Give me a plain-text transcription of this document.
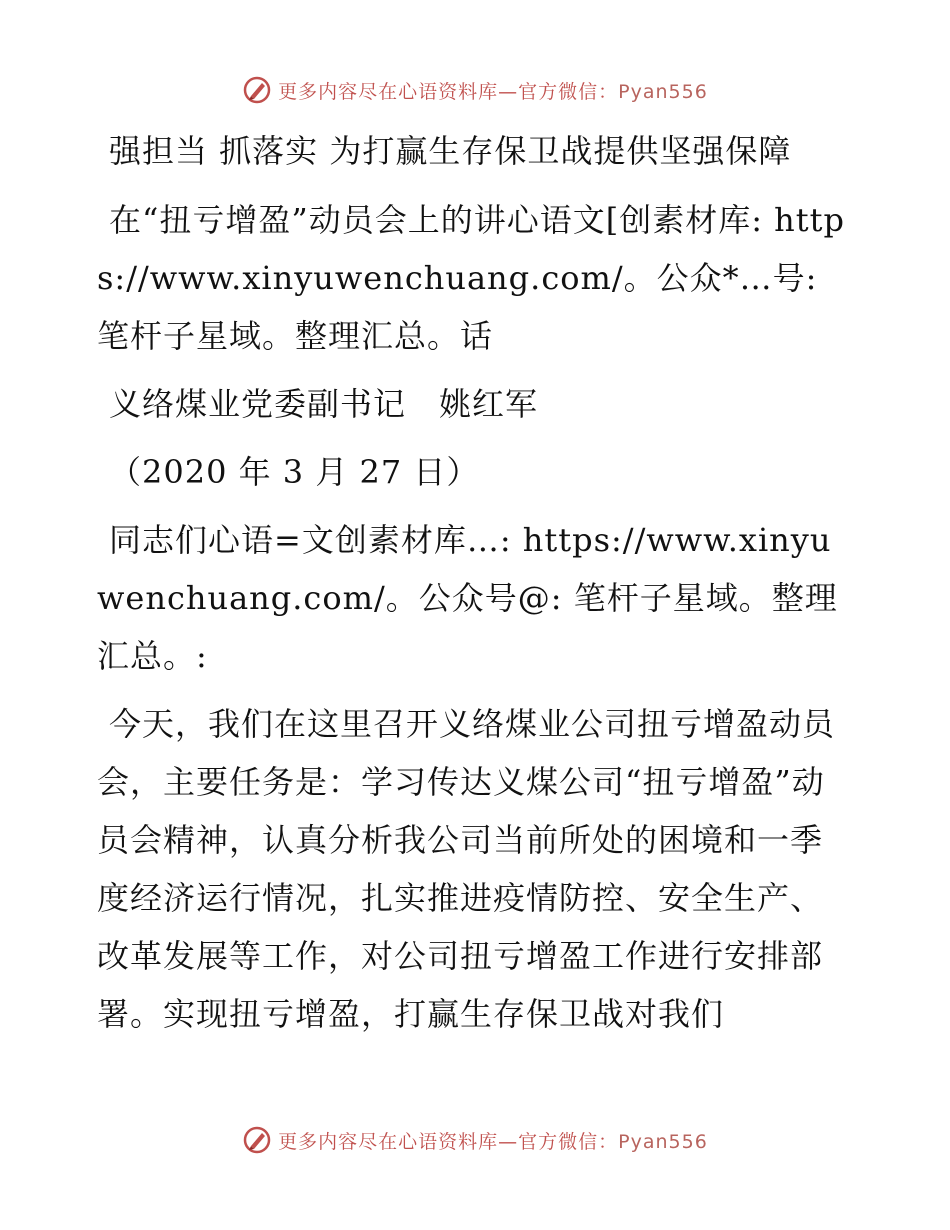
更多内容尽在心语资料库—官方微信：Pyan556

强担当 抓落实 为打赢生存保卫战提供坚强保障

在“扭亏增盈”动员会上的讲心语文[创素材库: https://www.xinyuwenchuang.com/。公众*…号: 笔杆子星域。整理汇总。话

义络煤业党委副书记　姚红军

（2020 年 3 月 27 日）

同志们心语=文创素材库…: https://www.xinyuwenchuang.com/。公众号@: 笔杆子星域。整理汇总。:

今天，我们在这里召开义络煤业公司扭亏增盈动员会，主要任务是：学习传达义煤公司“扭亏增盈”动员会精神，认真分析我公司当前所处的困境和一季度经济运行情况，扎实推进疫情防控、安全生产、改革发展等工作，对公司扭亏增盈工作进行安排部署。实现扭亏增盈，打赢生存保卫战对我们

更多内容尽在心语资料库—官方微信：Pyan556
